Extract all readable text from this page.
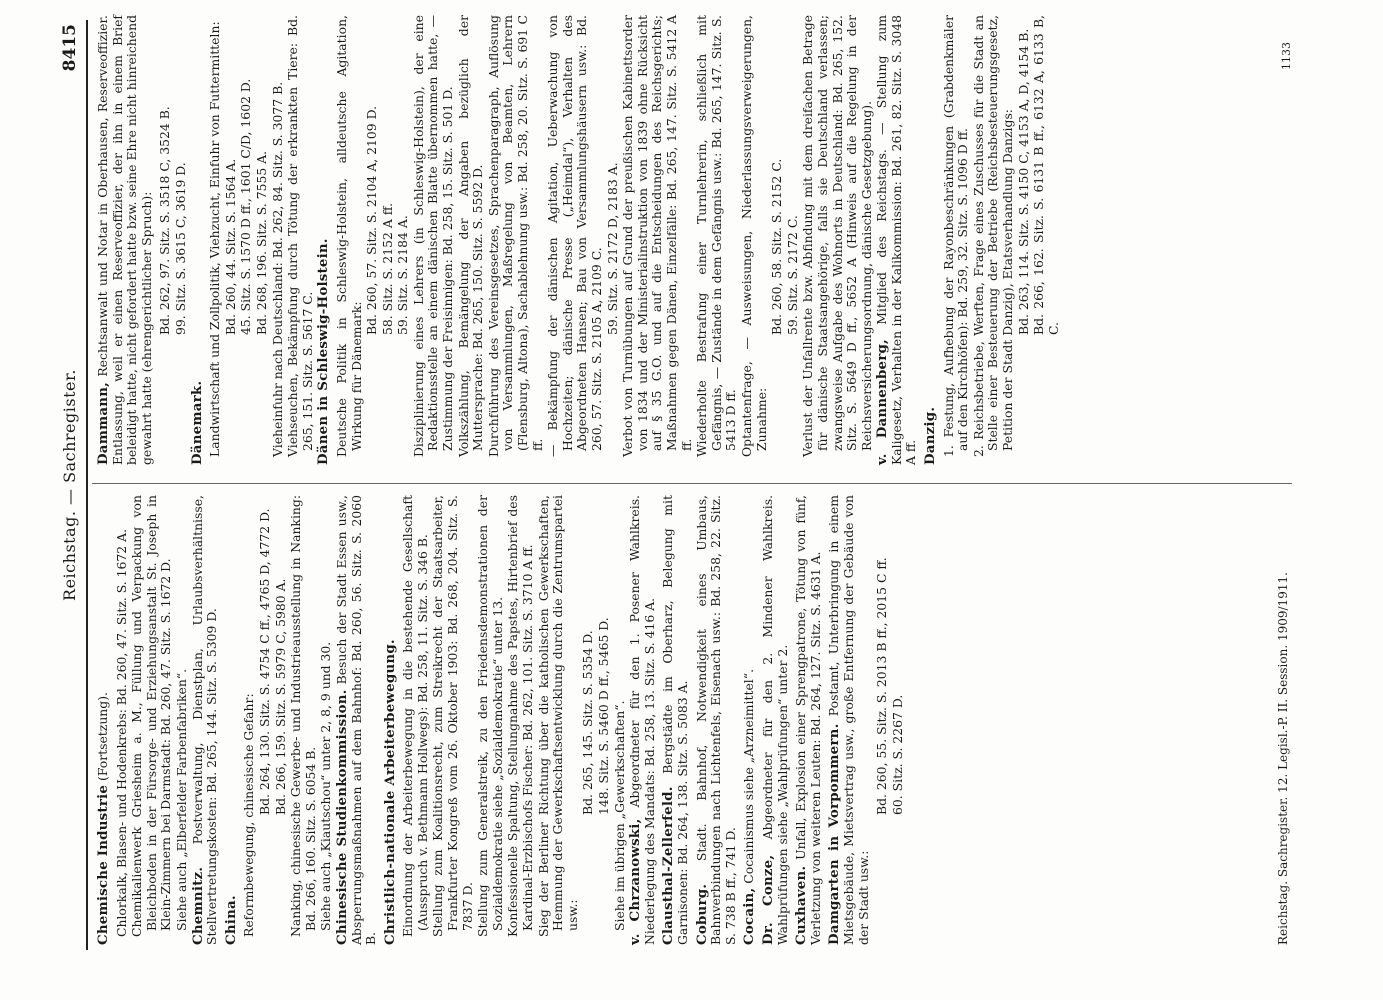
Reichstag. — Sachregister.
8415
Chemische Industrie (Fortsetzung). Chlorkalk, Blasen- und Hodenkrebs: Bd. 260, 47. Sitz. S. 1672 A. Chemikalienwerk Griesheim a. M., Füllung und Verpackung von Bleichboden in der Fürsorge- und Erziehungsanstalt St. Joseph in Klein-Zimmern bei Darmstadt: Bd. 260, 47. Sitz. S. 1672 D. Siehe auch „Elberfelder Farbenfabriken“. Chemnitz. Postverwaltung, Dienstplan, Urlaubsverhältnisse, Stellvertretungskosten: Bd. 265, 144. Sitz. S. 5309 D. China. Reformbewegung, chinesische Gefahr:
Bd. 264, 130. Sitz. S. 4754 C ff., 4765 D, 4772 D. Bd. 266, 159. Sitz. S. 5979 C, 5980 A. Nanking, chinesische Gewerbe- und Industrieausstellung in Nanking: Bd. 266, 160. Sitz. S. 6054 B. Siehe auch „Kiautschou“ unter 2, 8, 9 und 30. Chinesische Studienkommission. Besuch der Stadt Essen usw., Absperrungsmaßnahmen auf dem Bahnhof: Bd. 260, 56. Sitz. S. 2060 B. Christlich-nationale Arbeiterbewegung. Einordnung der Arbeiterbewegung in die bestehende Gesellschaft (Ausspruch v. Bethmann Hollwegs): Bd. 258, 11. Sitz. S. 346 B. Stellung zum Koalitionsrecht, zum Streikrecht der Staatsarbeiter, Frankfurter Kongreß vom 26. Oktober 1903: Bd. 268, 204. Sitz. S. 7837 D. Stellung zum Generalstreik, zu den Friedensdemonstrationen der Sozialdemokratie siehe „Sozialdemokratie“ unter 13. Konfessionelle Spaltung, Stellungnahme des Papstes, Hirtenbrief des Kardinal-Erzbischofs Fischer: Bd. 262, 101. Sitz. S. 3710 A ff. Sieg der Berliner Richtung über die katholischen Gewerkschaften, Hemmung der Gewerkschaftsentwicklung durch die Zentrumspartei usw.:
Bd. 265, 145. Sitz. S. 5354 D. 148. Sitz. S. 5460 D ff., 5465 D. Siehe im übrigen „Gewerkschaften“. v. Chrzanowski, Abgeordneter für den 1. Posener Wahlkreis. Niederlegung des Mandats: Bd. 258, 13. Sitz. S. 416 A. Clausthal-Zellerfeld. Bergstädte im Oberharz, Belegung mit Garnisonen: Bd. 264, 138. Sitz. S. 5083 A. Coburg. Stadt. Bahnhof, Notwendigkeit eines Umbaus, Bahnverbindungen nach Lichtenfels, Eisenach usw.: Bd. 258, 22. Sitz. S. 738 B ff., 741 D. Cocain, Cocainismus siehe „Arzneimittel“.
Dr. Conze, Abgeordneter für den 2. Mindener Wahlkreis. Wahlprüfungen siehe „Wahlprüfungen“ unter 2. Cuxhaven. Unfall, Explosion einer Sprengpatrone, Tötung von fünf, Verletzung von weiteren Leuten: Bd. 264, 127. Sitz. S. 4631 A. Damgarten in Vorpommern. Postamt, Unterbringung in einem Mietsgebäude, Mietsvertrag usw., große Entfernung der Gebäude von der Stadt usw.:
Bd. 260, 55. Sitz. S. 2013 B ff., 2015 C ff. 60. Sitz. S. 2267 D.
Dammann, Rechtsanwalt und Notar in Oberhausen, Reserveoffizier. Entlassung, weil er einen Reserveoffizier, der ihn in einem Brief beleidigt hatte, nicht gefordert hatte bzw. seine Ehre nicht hinreichend gewahrt hatte (ehrengerichtlicher Spruch): Bd. 262, 97. Sitz. S. 3518 C, 3524 B. 99. Sitz. S. 3615 C, 3619 D.
Dänemark. Landwirtschaft und Zollpolitik, Viehzucht, Einfuhr von Futtermitteln: Bd. 260, 44. Sitz. S. 1564 A. 45. Sitz. S. 1570 D ff., 1601 C/D, 1602 D. Bd. 268, 196. Sitz. S. 7555 A. Vieheinfuhr nach Deutschland: Bd. 262, 84. Sitz. S. 3077 B. Viehseuchen, Bekämpfung durch Tötung der erkrankten Tiere: Bd. 265, 151. Sitz. S. 5617 C. Dänen in Schleswig-Holstein. Deutsche Politik in Schleswig-Holstein, alldeutsche Agitation, Wirkung für Dänemark:
Bd. 260, 57. Sitz. S. 2104 A, 2109 D. 58. Sitz. S. 2152 A ff. 59. Sitz. S. 2184 A. Disziplinierung eines Lehrers (in Schleswig-Holstein), der eine Redaktionsstelle an einem dänischen Blatte übernommen hatte, — Zustimmung der Freisinnigen: Bd. 258, 15. Sitz. S. 501 D. Volkszählung, Bemängelung der Angaben bezüglich der Muttersprache: Bd. 265, 150. Sitz. S. 5592 D. Durchführung des Vereinsgesetzes, Sprachenparagraph, Auflösung von Versammlungen, Maßregelung von Beamten, Lehrern (Flensburg, Altona), Sachablehnung usw.: Bd. 258, 20. Sitz. S. 691 C ff. — Bekämpfung der dänischen Agitation, Ueberwachung von Hochzeiten; dänische Presse („Heimdal“), Verhalten des Abgeordneten Hansen; Bau von Versammlungshäusern usw.: Bd. 260, 57. Sitz. S. 2105 A, 2109 C. 59. Sitz. S. 2172 D, 2183 A. Verbot von Turnübungen auf Grund der preußischen Kabinettsorder von 1834 und der Ministerialinstruktion von 1839 ohne Rücksicht auf § 35 G.O. und auf die Entscheidungen des Reichsgerichts; Maßnahmen gegen Dänen, Einzelfälle: Bd. 265, 147. Sitz. S. 5412 A ff. Wiederholte Bestrafung einer Turnlehrerin, schließlich mit Gefängnis, — Zustände in dem Gefängnis usw.: Bd. 265, 147. Sitz. S. 5413 D ff. Optantenfrage, — Ausweisungen, Niederlassungsverweigerungen, Zunahme:
Bd. 260, 58. Sitz. S. 2152 C. 59. Sitz. S. 2172 C. Verlust der Unfallrente bzw. Abfindung mit dem dreifachen Betrage für dänische Staatsangehörige, falls sie Deutschland verlassen; zwangsweise Aufgabe des Wohnorts in Deutschland: Bd. 265, 152. Sitz. S. 5649 D ff., 5652 A (Hinweis auf die Regelung in der Reichsversicherungsordnung, dänische Gesetzgebung). v. Dannenberg, Mitglied des Reichstags. — Stellung zum Kaligesetz, Verhalten in der Kalikommission: Bd. 261, 82. Sitz. S. 3048 A ff. Danzig. 1. Festung, Aufhebung der Rayonbeschränkungen (Grabdenkmäler auf den Kirchhöfen): Bd. 259, 32. Sitz. S. 1096 D ff. 2. Reichsbetriebe, Werften, Frage eines Zuschusses für die Stadt an Stelle einer Besteuerung der Betriebe (Reichsbesteuerungsgesetz, Petition der Stadt Danzig), Etatsverhandlung Danzigs: Bd. 263, 114. Sitz. S. 4150 C, 4153 A, D, 4154 B. Bd. 266, 162. Sitz. S. 6131 B ff., 6132 A, 6133 B, C.
Reichstag. Sachregister. 12. Legisl.-P. II. Session. 1909/1911.
1133
